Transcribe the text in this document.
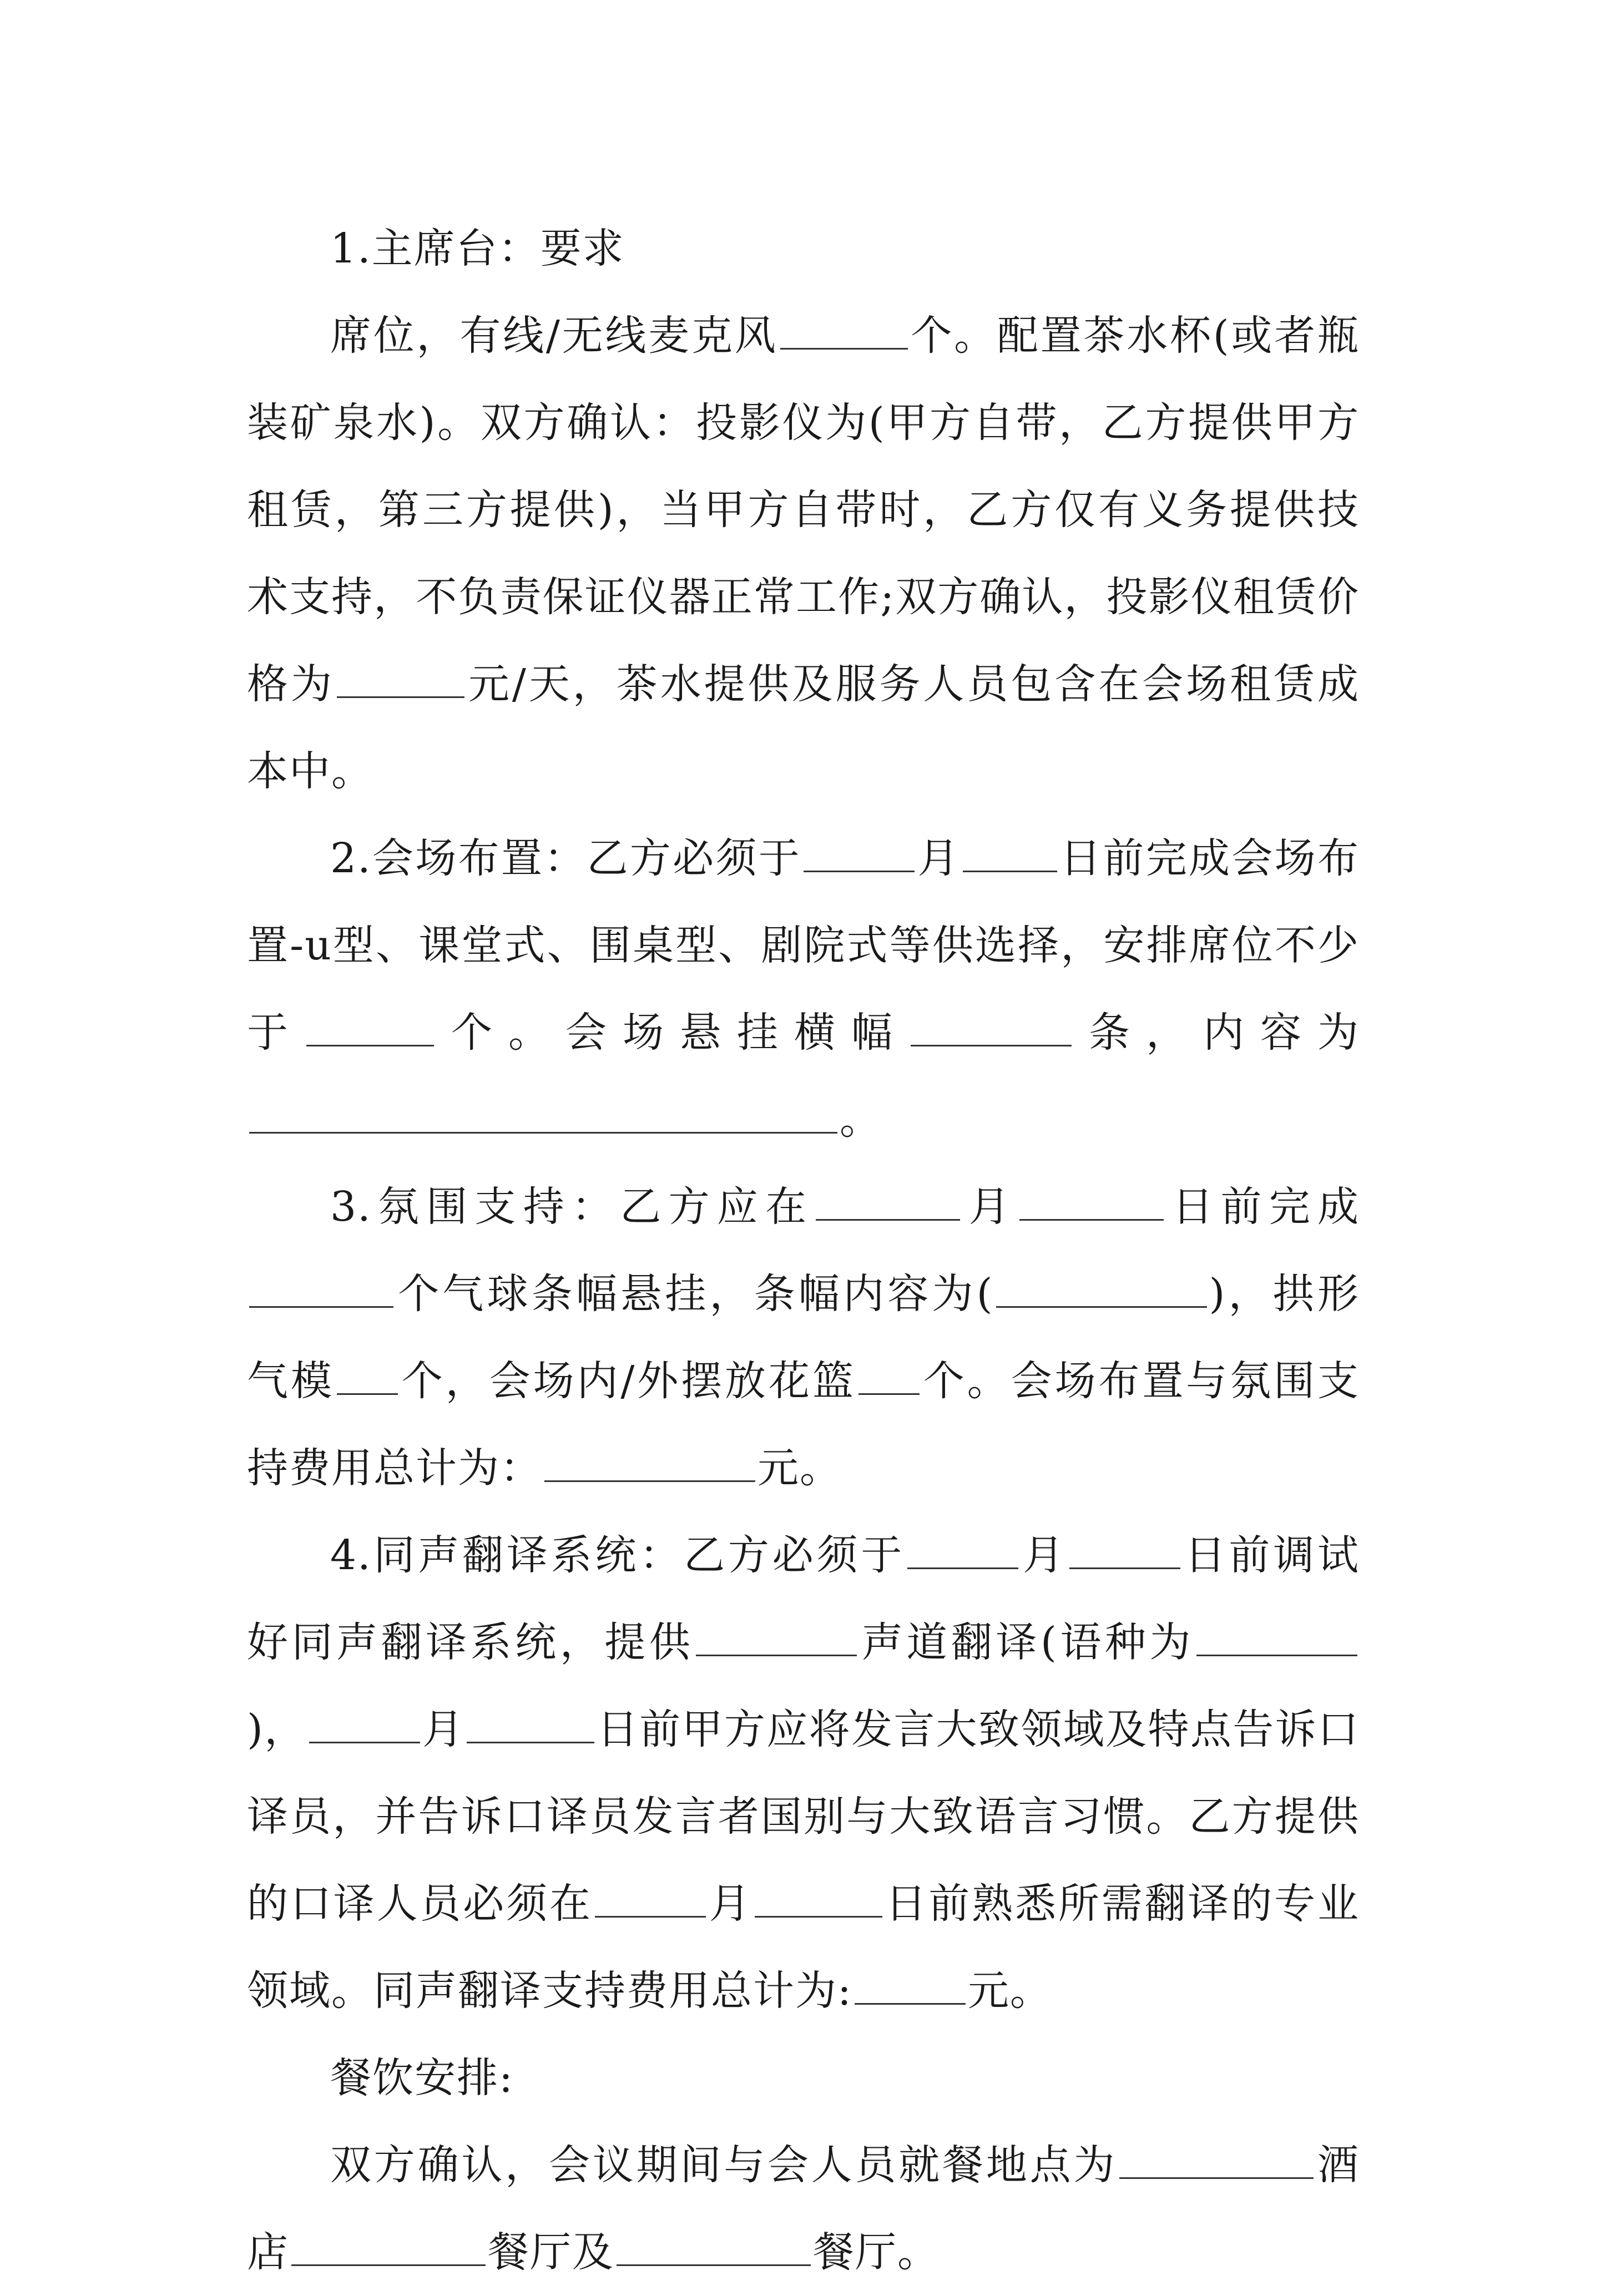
1.主席台：要求

席位，有线/无线麦克风	个。配置茶水杯(或者瓶装矿泉水)。双方确认：投影仪为(甲方自带，乙方提供甲方租赁，第三方提供)，当甲方自带时，乙方仅有义务提供技术支持，不负责保证仪器正常工作;双方确认，投影仪租赁价格为	元/天，茶水提供及服务人员包含在会场租赁成本中。

2.会场布置：乙方必须于	月 日前完成会场布置-u型、课堂式、围桌型、剧院式等供选择，安排席位不少于	个。会场悬挂横幅	条，内容为。

3.氛围支持：乙方应在	月	日前完成个气球条幅悬挂，条幅内容为(	)，拱形气模 个，会场内/外摆放花篮 个。会场布置与氛围支持费用总计为：	元。

4.同声翻译系统：乙方必须于	月	日前调试好同声翻译系统，提供	声道翻译(语种为)，	月	日前甲方应将发言大致领域及特点告诉口译员，并告诉口译员发言者国别与大致语言习惯。乙方提供的口译人员必须在	月	日前熟悉所需翻译的专业领域。同声翻译支持费用总计为:	元。

餐饮安排:

双方确认，会议期间与会人员就餐地点为	酒店	餐厅及	餐厅。
